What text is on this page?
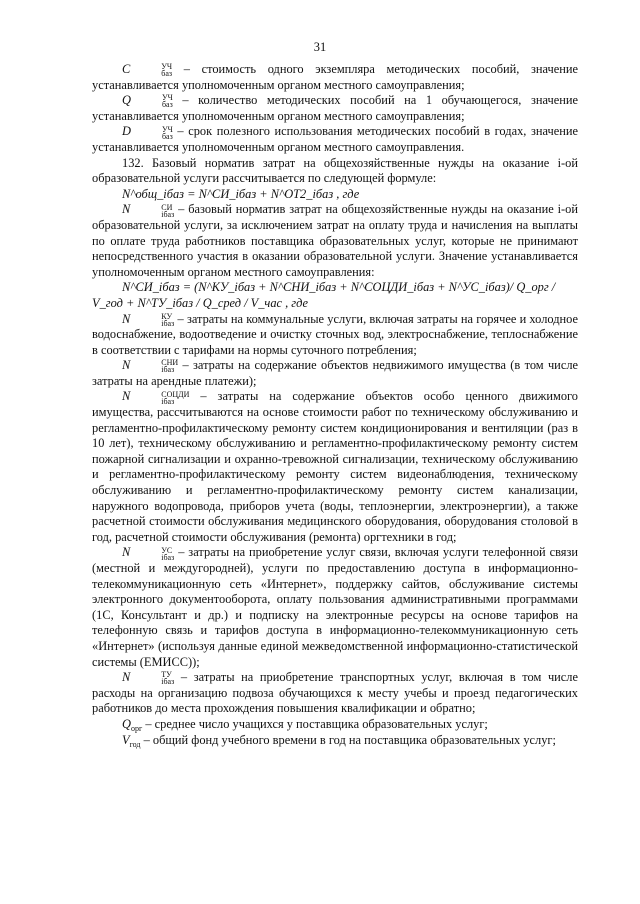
31

C	УЧ
баз – стоимость одного экземпляра методических пособий, значение устанавливается уполномоченным органом местного самоуправления;

Q	УЧ
баз – количество методических пособий на 1 обучающегося, значение устанавливается уполномоченным органом местного самоуправления;

D	УЧ
баз – срок полезного использования методических пособий в годах, значение устанавливается уполномоченным органом местного самоуправления.

132. Базовый норматив затрат на общехозяйственные нужды на оказание i-ой образовательной услуги рассчитывается по следующей формуле:

N^общ_iбаз = N^СИ_iбаз + N^ОТ2_iбаз , где

N	СИ
iбаз – базовый норматив затрат на общехозяйственные нужды на оказание i-ой образовательной услуги, за исключением затрат на оплату труда и начисления на выплаты по оплате труда работников поставщика образовательных услуг, которые не принимают непосредственного участия в оказании образовательной услуги. Значение устанавливается уполномоченным органом местного самоуправления:

N^СИ_iбаз = (N^КУ_iбаз + N^СНИ_iбаз + N^СОЦДИ_iбаз + N^УС_iбаз)/ Q_орг / V_год + N^ТУ_iбаз / Q_сред / V_час , где

N	КУ
iбаз – затраты на коммунальные услуги, включая затраты на горячее и холодное водоснабжение, водоотведение и очистку сточных вод, электроснабжение, теплоснабжение в соответствии с тарифами на нормы суточного потребления;

N	СНИ
iбаз – затраты на содержание объектов недвижимого имущества (в том числе затраты на арендные платежи);

N	СОЦДИ
iбаз	– затраты на содержание объектов особо ценного движимого имущества, рассчитываются на основе стоимости работ по техническому обслуживанию и регламентно-профилактическому ремонту систем кондиционирования и вентиляции (раз в 10 лет), техническому обслуживанию и регламентно-профилактическому ремонту систем пожарной сигнализации и охранно-тревожной сигнализации, техническому обслуживанию и регламентно-профилактическому ремонту систем видеонаблюдения, техническому обслуживанию и регламентно-профилактическому ремонту систем канализации, наружного водопровода, приборов учета (воды, теплоэнергии, электроэнергии), а также расчетной стоимости обслуживания медицинского оборудования, оборудования столовой в год, расчетной стоимости обслуживания (ремонта) оргтехники в год;

N	УС
iбаз – затраты на приобретение услуг связи, включая услуги телефонной связи (местной и междугородней), услуги по предоставлению доступа в информационно-телекоммуникационную сеть «Интернет», поддержку сайтов, обслуживание системы электронного документооборота, оплату пользования административными программами (1С, Консультант и др.) и подписку на электронные ресурсы на основе тарифов на телефонную связь и тарифов доступа в информационно-телекоммуникационную сеть «Интернет» (используя данные единой межведомственной информационно-статистической системы (ЕМИСС));

N	ТУ
iбаз – затраты на приобретение транспортных услуг, включая в том числе расходы на организацию подвоза обучающихся к месту учебы и проезд педагогических работников до места прохождения повышения квалификации и обратно;

$Q_{орг}$ – среднее число учащихся у поставщика образовательных услуг;

$V_{год}$ – общий фонд учебного времени в год на поставщика образовательных услуг;
